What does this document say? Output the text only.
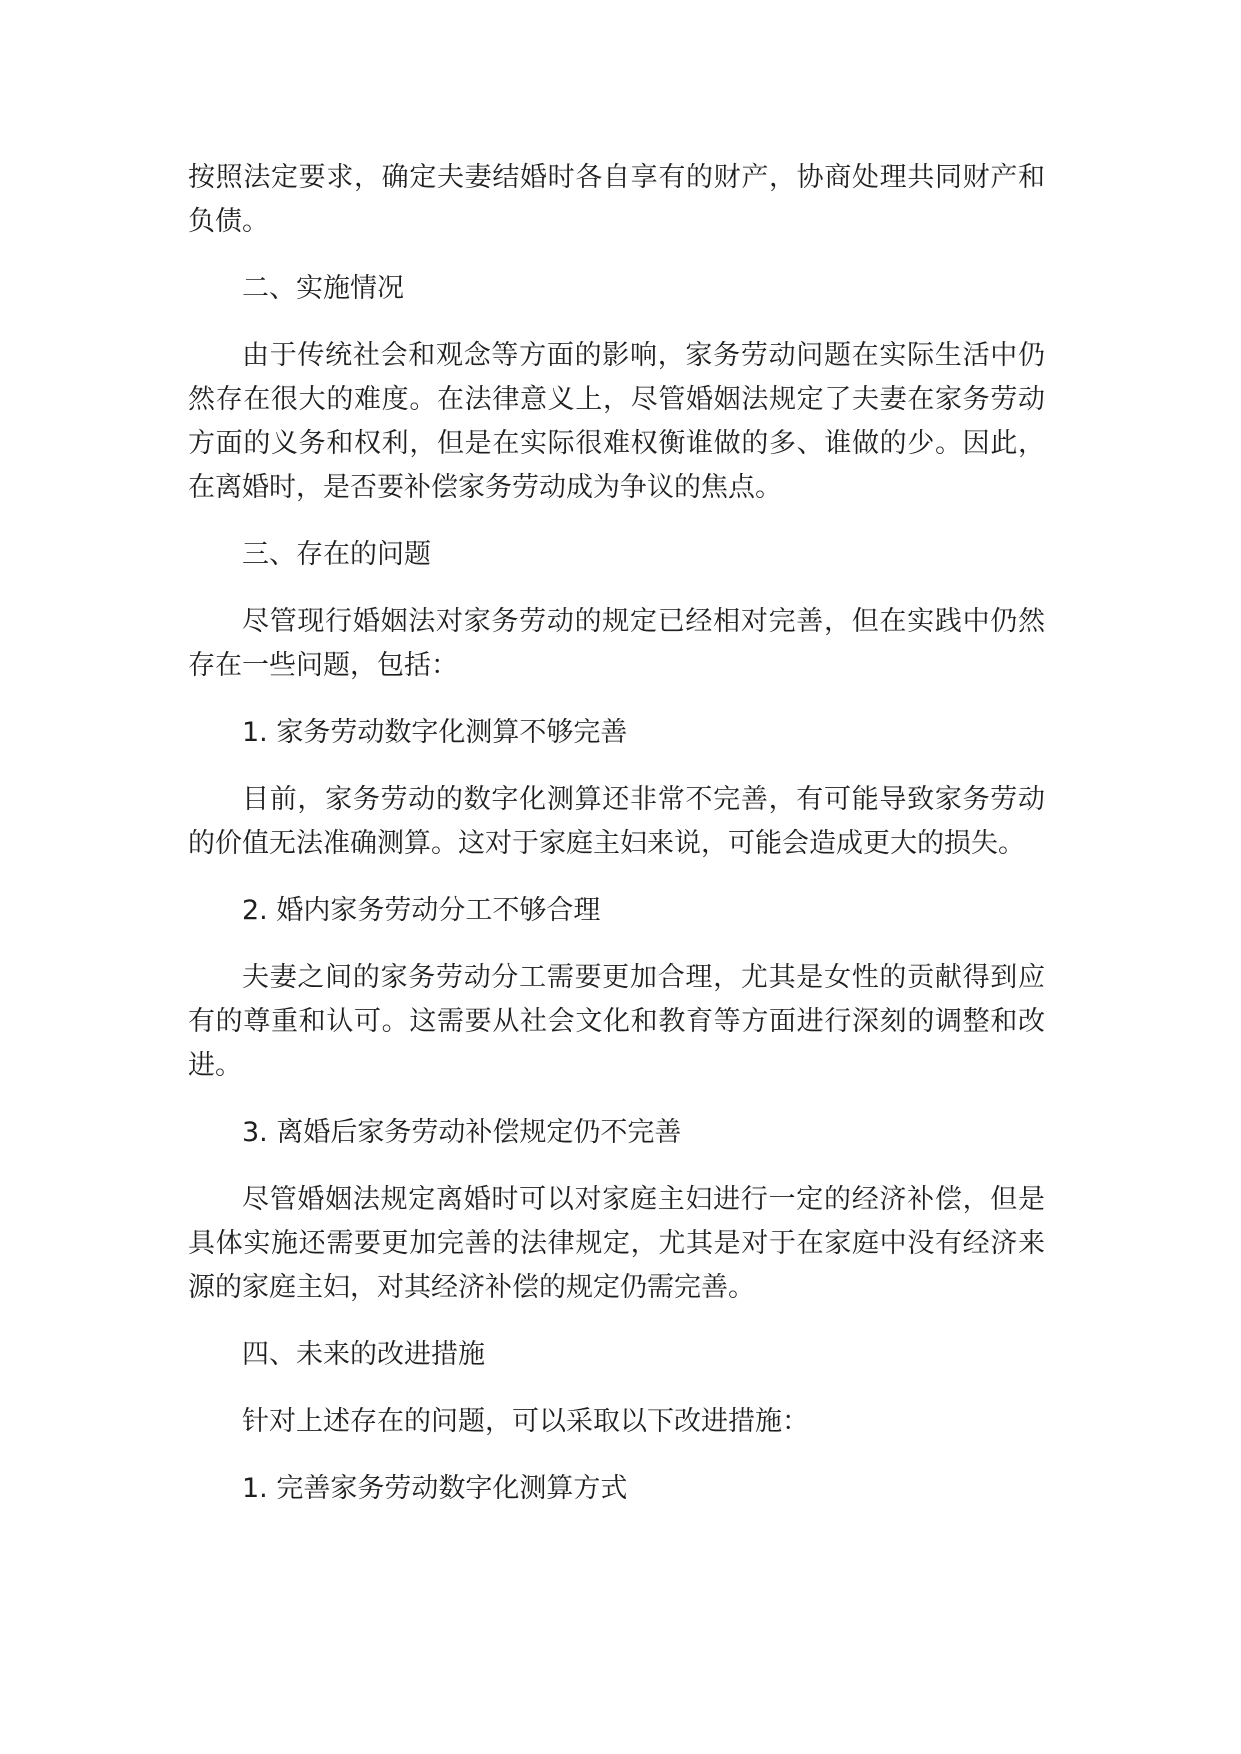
按照法定要求，确定夫妻结婚时各自享有的财产，协商处理共同财产和负债。

二、实施情况

由于传统社会和观念等方面的影响，家务劳动问题在实际生活中仍然存在很大的难度。在法律意义上，尽管婚姻法规定了夫妻在家务劳动方面的义务和权利，但是在实际很难权衡谁做的多、谁做的少。因此，在离婚时，是否要补偿家务劳动成为争议的焦点。

三、存在的问题

尽管现行婚姻法对家务劳动的规定已经相对完善，但在实践中仍然存在一些问题，包括：

1. 家务劳动数字化测算不够完善

目前，家务劳动的数字化测算还非常不完善，有可能导致家务劳动的价值无法准确测算。这对于家庭主妇来说，可能会造成更大的损失。

2. 婚内家务劳动分工不够合理

夫妻之间的家务劳动分工需要更加合理，尤其是女性的贡献得到应有的尊重和认可。这需要从社会文化和教育等方面进行深刻的调整和改进。

3. 离婚后家务劳动补偿规定仍不完善

尽管婚姻法规定离婚时可以对家庭主妇进行一定的经济补偿，但是具体实施还需要更加完善的法律规定，尤其是对于在家庭中没有经济来源的家庭主妇，对其经济补偿的规定仍需完善。

四、未来的改进措施

针对上述存在的问题，可以采取以下改进措施：

1. 完善家务劳动数字化测算方式
